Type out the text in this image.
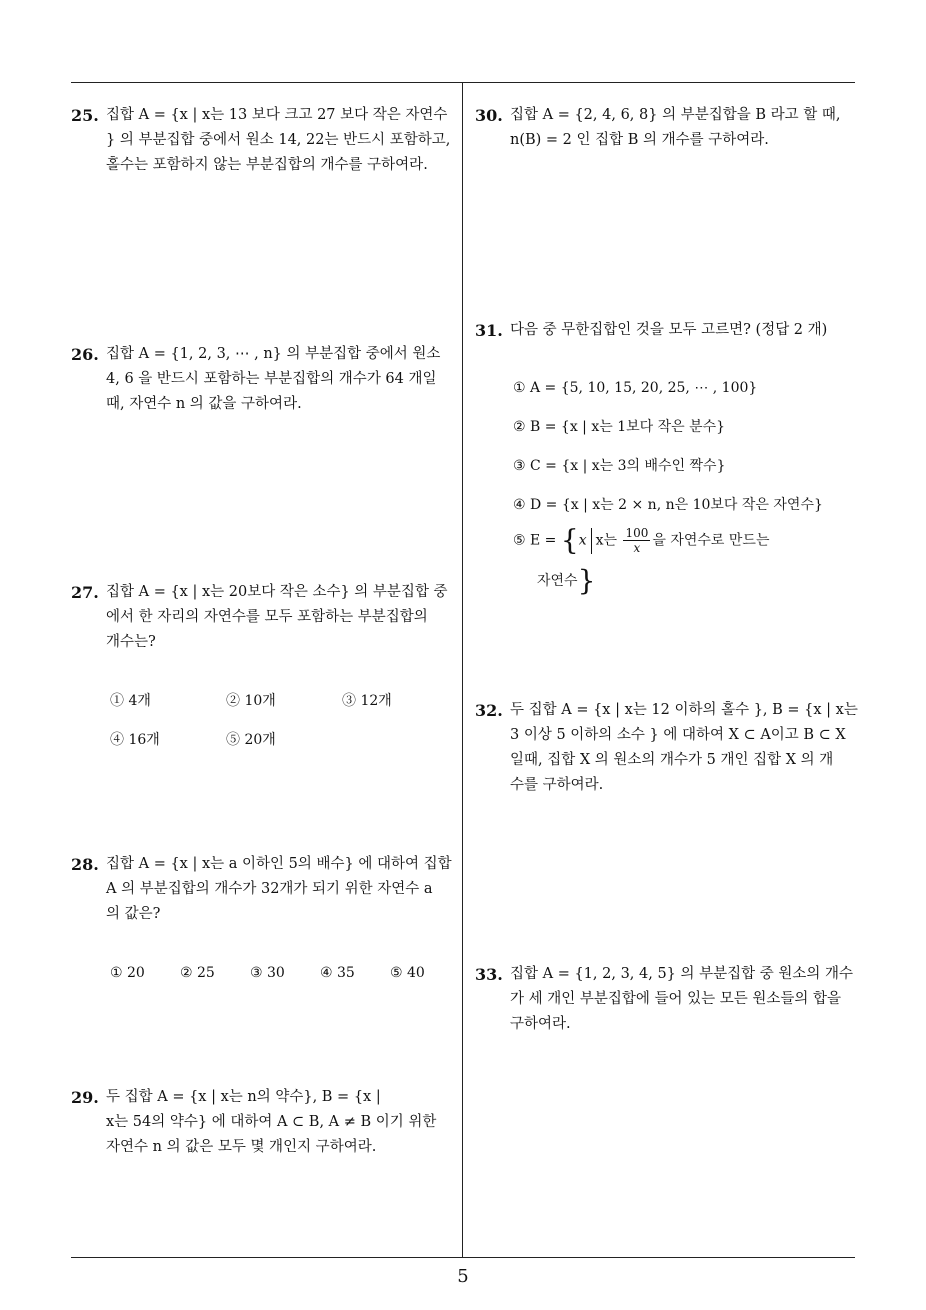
25. 집합 A = {x | x는 13 보다 크고 27 보다 작은 자연수
} 의 부분집합 중에서 원소 14, 22는 반드시 포함하고,
홀수는 포함하지 않는 부분집합의 개수를 구하여라.
26. 집합 A = {1, 2, 3, ⋯ , n} 의 부분집합 중에서 원소
4, 6 을 반드시 포함하는 부분집합의 개수가 64 개일
때, 자연수 n 의 값을 구하여라.
27. 집합 A = {x | x는 20보다 작은 소수} 의 부분집합 중
에서 한 자리의 자연수를 모두 포함하는 부분집합의
개수는?
① 4개	② 10개	③ 12개
④ 16개	⑤ 20개
28. 집합 A = {x | x는 a 이하인 5의 배수} 에 대하여 집합
A 의 부분집합의 개수가 32개가 되기 위한 자연수 a
의 값은?
① 20	② 25	③ 30	④ 35	⑤ 40
29. 두 집합 A = {x | x는 n의 약수}, B = {x |
x는 54의 약수} 에 대하여 A ⊂ B, A ≠ B 이기 위한
자연수 n 의 값은 모두 몇 개인지 구하여라.
30. 집합 A = {2, 4, 6, 8} 의 부분집합을 B 라고 할 때,
n(B) = 2 인 집합 B 의 개수를 구하여라.
31. 다음 중 무한집합인 것을 모두 고르면? (정답 2 개)
① A = {5, 10, 15, 20, 25, ⋯ , 100}
② B = {x | x는 1보다 작은 분수}
③ C = {x | x는 3의 배수인 짝수}
④ D = {x | x는 2 × n, n은 10보다 작은 자연수}
⑤ E = {x x는 $\frac{100}{x}$ 을 자연수로 만드는
자연수}
32. 두 집합 A = {x | x는 12 이하의 홀수 }, B = {x | x는
3 이상 5 이하의 소수 } 에 대하여 X ⊂ A이고 B ⊂ X
일때, 집합 X 의 원소의 개수가 5 개인 집합 X 의 개
수를 구하여라.
33. 집합 A = {1, 2, 3, 4, 5} 의 부분집합 중 원소의 개수
가 세 개인 부분집합에 들어 있는 모든 원소들의 합을
구하여라.
5
